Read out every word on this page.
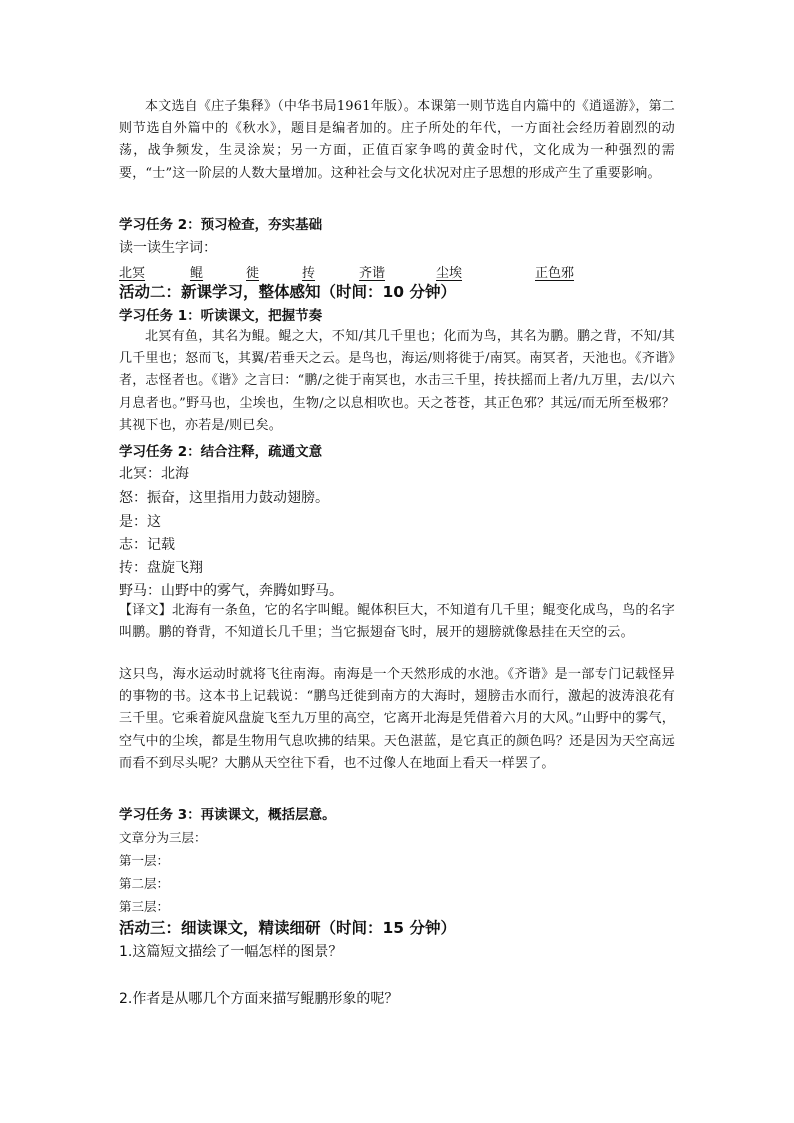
本文选自《庄子集释》（中华书局1961年版）。本课第一则节选自内篇中的《逍遥游》，第二则节选自外篇中的《秋水》，题目是编者加的。庄子所处的年代，一方面社会经历着剧烈的动荡，战争频发，生灵涂炭；另一方面，正值百家争鸣的黄金时代，文化成为一种强烈的需要，“士”这一阶层的人数大量增加。这种社会与文化状况对庄子思想的形成产生了重要影响。
学习任务 2：预习检查，夯实基础
读一读生字词：
北冥	鲲	徙	抟	齐谐	尘埃	正色邪
活动二：新课学习，整体感知（时间：10 分钟）
学习任务 1：听读课文，把握节奏
北冥有鱼，其名为鲲。鲲之大，不知/其几千里也；化而为鸟，其名为鹏。鹏之背，不知/其几千里也；怒而飞，其翼/若垂天之云。是鸟也，海运/则将徙于/南冥。南冥者，天池也。《齐谐》者，志怪者也。《谐》之言曰：“鹏/之徙于南冥也，水击三千里，抟扶摇而上者/九万里，去/以六月息者也。”野马也，尘埃也，生物/之以息相吹也。天之苍苍，其正色邪？其远/而无所至极邪？其视下也，亦若是/则已矣。
学习任务 2：结合注释，疏通文意
北冥：北海
怒：振奋，这里指用力鼓动翅膀。
是：这
志：记载
抟：盘旋飞翔
野马：山野中的雾气，奔腾如野马。
【译文】北海有一条鱼，它的名字叫鲲。鲲体积巨大，不知道有几千里；鲲变化成鸟，鸟的名字叫鹏。鹏的脊背，不知道长几千里；当它振翅奋飞时，展开的翅膀就像悬挂在天空的云。
这只鸟，海水运动时就将飞往南海。南海是一个天然形成的水池。《齐谐》是一部专门记载怪异的事物的书。这本书上记载说：“鹏鸟迁徙到南方的大海时，翅膀击水而行，激起的波涛浪花有三千里。它乘着旋风盘旋飞至九万里的高空，它离开北海是凭借着六月的大风。”山野中的雾气，空气中的尘埃，都是生物用气息吹拂的结果。天色湛蓝，是它真正的颜色吗？还是因为天空高远而看不到尽头呢？大鹏从天空往下看，也不过像人在地面上看天一样罢了。
学习任务 3：再读课文，概括层意。
文章分为三层：
第一层：
第二层：
第三层：
活动三：细读课文，精读细研（时间：15 分钟）
1.这篇短文描绘了一幅怎样的图景？
2.作者是从哪几个方面来描写鲲鹏形象的呢？
